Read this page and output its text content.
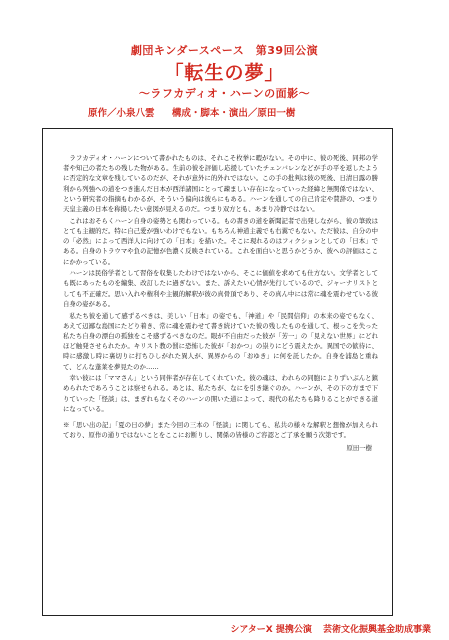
劇団キンダースペース　第39回公演
「転生の夢」
～ラフカディオ・ハーンの面影～
原作／小泉八雲 構成・脚本・演出／原田一樹

ラフカディオ・ハーンについて書かれたものは、それこそ枚挙に暇がない。その中に、彼の死後、同邦の学者や知己の者たちの残した物がある。生前の彼を評価し応援していたチェンバレンなどが手の平を返したように否定的な文章を残しているのだが、それが意外に的外れではない。この手の批判は彼の死後、日清日露の勝利から列強への道をつき進んだ日本が西洋諸国にとって疎ましい存在になっていった経緯と無関係ではない、という研究者の指摘もわかるが、そういう偏向は彼らにもある。ハーンを通しての自己肯定や賛辞の、つまり天皇主義の日本を称揚したい意図が見えるのだ。つまり双方とも、あまり冷静ではない。

これはおそらくハーン自身の姿勢とも関わっている。もの書きの道を新聞記者で出発しながら、彼の筆致はとても主観的だ。特に自己愛が強いわけでもない。もちろん神道主義でも右翼でもない。ただ彼は、自分の中の「必然」によって西洋人に向けての「日本」を描いた。そこに現れるのはフィクションとしての「日本」である。自身のトラウマや負の記憶が色濃く反映されている。これを面白いと思うかどうか、彼への評価はここにかかっている。

ハーンは民俗学者として習俗を収集したわけではないから、そこに価値を求めても仕方ない。文学者としても既にあったものを編集、改訂したに過ぎない。また、訴えたい心情が先行しているので、ジャーナリストとしても不正確だ。思い入れや権利や主観的解釈が彼の真骨頂であり、その真ん中には常に魂を震わせている彼自身の姿がある。

私たち彼を通して感ずるべきは、美しい「日本」の姿でも、「神道」や「民間信仰」の本来の姿でもなく、あえて辺鄙な島国にたどり着き、常に魂を震わせて書き続けていた彼の残したものを通して、根っこを失った私たち自身の漂白の孤独をこそ感ずるべきなのだ。眼が不自由だった彼が「芳一」の「見えない世界」にどれほど触発させられたか。キリスト教の罰に恐怖した彼が「おかつ」の祟りにどう震えたか。異国での歓待に、時に感激し時に裏切りに打ちひしがれた異人が、異界からの「おゆき」に何を託したか。自身を浦島と重ねて、どんな蓬莱を夢見たのか……

幸い彼には「ママさん」という同伴者が存在してくれていた。彼の魂は、われらの同胞によりずいぶんと鎮められたであろうことは察せられる。あとは、私たちが、なにを引き継ぐのか。ハーンが、その下の方まで下りていった「怪談」は、まぎれもなくそのハーンの開いた道によって、現代の私たちも降りることができる道になっている。

※「思い出の記」「夏の日の夢」また今回の三本の「怪談」に関しても、私共の様々な解釈と想像が加えられており、原作の通りではないことをここにお断りし、関係の皆様のご容認とご了承を願う次第です。

原田一樹
シアターX 提携公演 芸術文化振興基金助成事業
